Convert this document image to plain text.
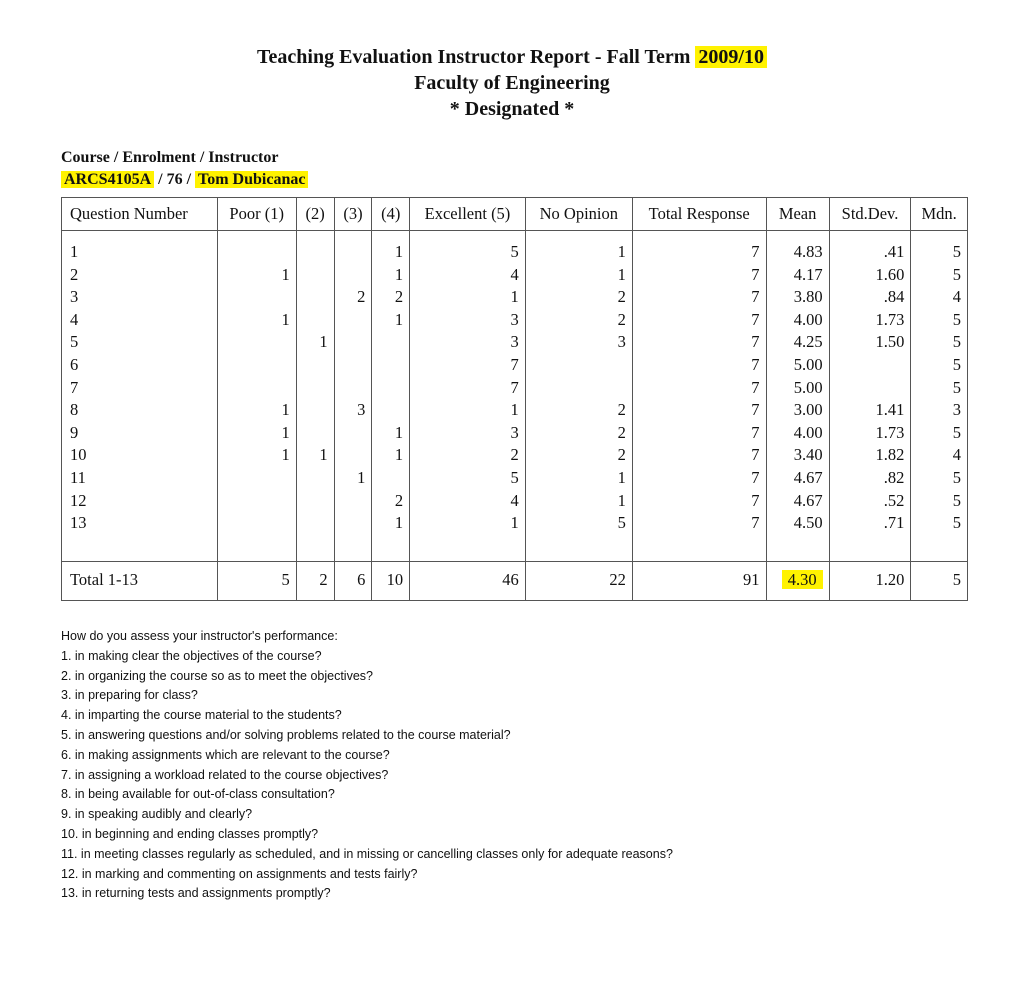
Teaching Evaluation Instructor Report - Fall Term 2009/10
Faculty of Engineering
* Designated *
Course / Enrolment / Instructor
ARCS4105A / 76 / Tom Dubicanac
Question Number	Poor (1)	(2)	(3)	(4)	Excellent (5)	No Opinion	Total Response	Mean	Std.Dev.	Mdn.

1				1	5	1	7	4.83	.41	5
2	1			1	4	1	7	4.17	1.60	5
3			2	2	1	2	7	3.80	.84	4
4	1			1	3	2	7	4.00	1.73	5
5		1			3	3	7	4.25	1.50	5
6					7		7	5.00		5
7					7		7	5.00		5
8	1		3		1	2	7	3.00	1.41	3
9	1			1	3	2	7	4.00	1.73	5
10	1	1		1	2	2	7	3.40	1.82	4
11			1		5	1	7	4.67	.82	5
12				2	4	1	7	4.67	.52	5
13				1	1	5	7	4.50	.71	5

Total 1-13	5	2	6	10	46	22	91	4.30	1.20	5
How do you assess your instructor's performance:
1. in making clear the objectives of the course?
2. in organizing the course so as to meet the objectives?
3. in preparing for class?
4. in imparting the course material to the students?
5. in answering questions and/or solving problems related to the course material?
6. in making assignments which are relevant to the course?
7. in assigning a workload related to the course objectives?
8. in being available for out-of-class consultation?
9. in speaking audibly and clearly?
10. in beginning and ending classes promptly?
11. in meeting classes regularly as scheduled, and in missing or cancelling classes only for adequate reasons?
12. in marking and commenting on assignments and tests fairly?
13. in returning tests and assignments promptly?
